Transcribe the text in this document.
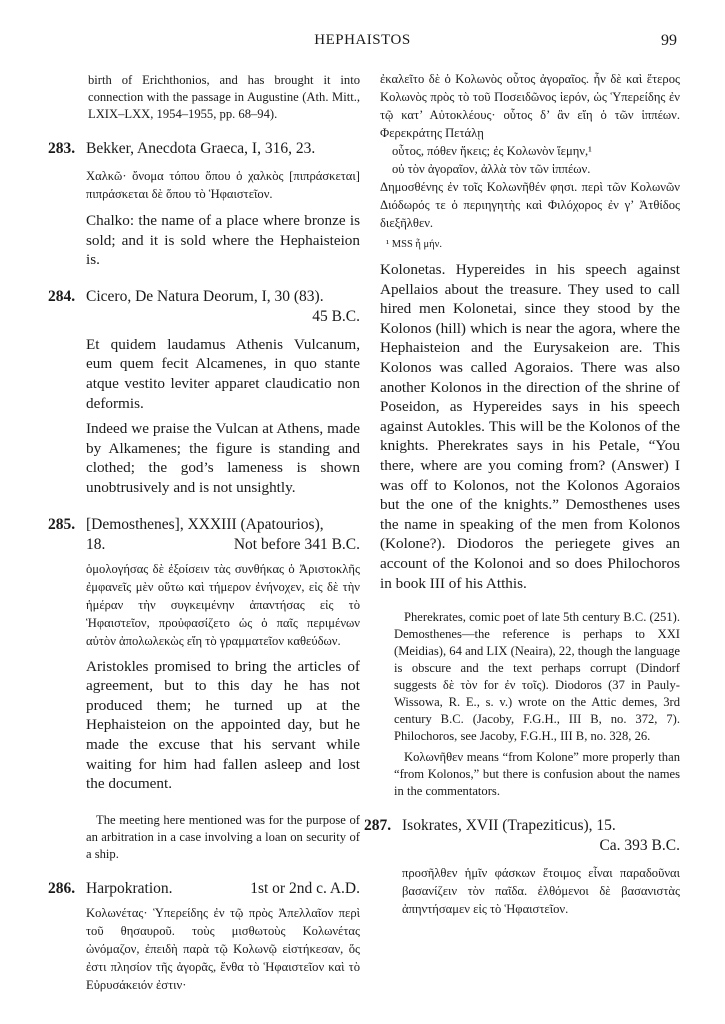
HEPHAISTOS	99

birth of Erichthonios, and has brought it into connection with the passage in Augustine (Ath. Mitt., LXIX–LXX, 1954–1955, pp. 68–94).

283. Bekker, Anecdota Graeca, I, 316, 23.

Χαλκῶ· ὄνομα τόπου ὅπου ὁ χαλκὸς [πιπράσκεται] πιπράσκεται δὲ ὅπου τὸ Ἡφαιστεῖον.

Chalko: the name of a place where bronze is sold; and it is sold where the Hephaisteion is.

284. Cicero, De Natura Deorum, I, 30 (83).
45 B.C.

Et quidem laudamus Athenis Vulcanum, eum quem fecit Alcamenes, in quo stante atque vestito leviter apparet claudicatio non deformis.

Indeed we praise the Vulcan at Athens, made by Alkamenes; the figure is standing and clothed; the god’s lameness is shown unobtrusively and is not unsightly.

285. [Demosthenes], XXXIII (Apatourios),
18.	Not before 341 B.C.

ὁμολογήσας δὲ ἐξοίσειν τὰς συνθήκας ὁ Ἀριστοκλῆς ἐμφανεῖς μὲν οὕτω καὶ τήμερον ἐνήνοχεν, εἰς δὲ τὴν ἡμέραν τὴν συγκειμένην ἀπαντήσας εἰς τὸ Ἡφαιστεῖον, προὐφασίζετο ὡς ὁ παῖς περιμένων αὐτὸν ἀπολωλεκὼς εἴη τὸ γραμματεῖον καθεύδων.

Aristokles promised to bring the articles of agreement, but to this day he has not produced them; he turned up at the Hephaisteion on the appointed day, but he made the excuse that his servant while waiting for him had fallen asleep and lost the document.

The meeting here mentioned was for the purpose of an arbitration in a case involving a loan on security of a ship.

286. Harpokration.	1st or 2nd c. A.D.

Κολωνέτας· Ὑπερείδης ἐν τῷ πρὸς Ἀπελλαῖον περὶ τοῦ θησαυροῦ. τοὺς μισθωτοὺς Κολωνέτας ὠνόμαζον, ἐπειδὴ παρὰ τῷ Κολωνῷ εἱστήκεσαν, ὅς ἐστι πλησίον τῆς ἀγορᾶς, ἔνθα τὸ Ἡφαιστεῖον καὶ τὸ Εὐρυσάκειόν ἐστιν·

ἐκαλεῖτο δὲ ὁ Κολωνὸς οὗτος ἀγοραῖος. ἦν δὲ καὶ ἕτερος Κολωνὸς πρὸς τὸ τοῦ Ποσειδῶνος ἱερόν, ὡς Ὑπερείδης ἐν τῷ κατ’ Αὐτοκλέους· οὗτος δ’ ἂν εἴη ὁ τῶν ἱππέων. Φερεκράτης Πετάλῃ

οὗτος, πόθεν ἥκεις; ἐς Κολωνὸν ἵεμην,¹

οὐ τὸν ἀγοραῖον, ἀλλὰ τὸν τῶν ἱππέων.

Δημοσθένης ἐν τοῖς Κολωνῆθέν φησι. περὶ τῶν Κολωνῶν Διόδωρός τε ὁ περιηγητὴς καὶ Φιλόχορος ἐν γ’ Ἀτθίδος διεξῆλθεν.

¹ MSS ἦ μήν.

Kolonetas. Hypereides in his speech against Apellaios about the treasure. They used to call hired men Kolonetai, since they stood by the Kolonos (hill) which is near the agora, where the Hephaisteion and the Eurysakeion are. This Kolonos was called Agoraios. There was also another Kolonos in the direction of the shrine of Poseidon, as Hypereides says in his speech against Autokles. This will be the Kolonos of the knights. Pherekrates says in his Petale, “You there, where are you coming from? (Answer) I was off to Kolonos, not the Kolonos Agoraios but the one of the knights.” Demosthenes uses the name in speaking of the men from Kolonos (Kolone?). Diodoros the periegete gives an account of the Kolonoi and so does Philochoros in book III of his Atthis.

Pherekrates, comic poet of late 5th century B.C. (251). Demosthenes—the reference is perhaps to XXI (Meidias), 64 and LIX (Neaira), 22, though the language is obscure and the text perhaps corrupt (Dindorf suggests δὲ τὸν for ἐν τοῖς). Diodoros (37 in Pauly-Wissowa, R. E., s. v.) wrote on the Attic demes, 3rd century B.C. (Jacoby, F.G.H., III B, no. 372, 7). Philochoros, see Jacoby, F.G.H., III B, no. 328, 26.

Κολωνῆθεν means “from Kolone” more properly than “from Kolonos,” but there is confusion about the names in the commentators.

287. Isokrates, XVII (Trapeziticus), 15.
Ca. 393 B.C.

προσῆλθεν ἡμῖν φάσκων ἕτοιμος εἶναι παραδοῦναι βασανίζειν τὸν παῖδα. ἐλθόμενοι δὲ βασανιστὰς ἀπηντήσαμεν εἰς τὸ Ἡφαιστεῖον.
